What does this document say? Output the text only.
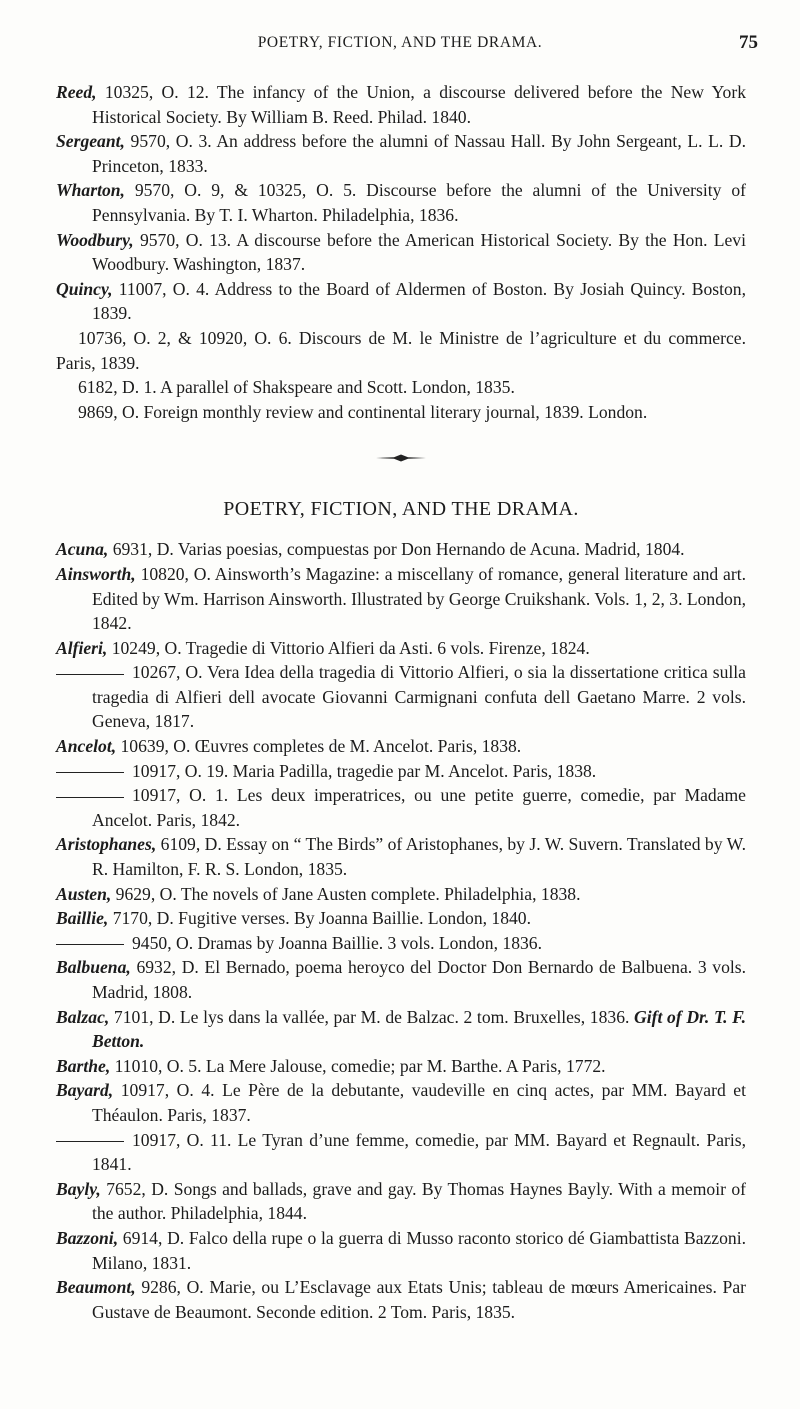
POETRY, FICTION, AND THE DRAMA.	75

Reed, 10325, O. 12. The infancy of the Union, a discourse delivered before the New York Historical Society. By William B. Reed. Philad. 1840.

Sergeant, 9570, O. 3. An address before the alumni of Nassau Hall. By John Sergeant, L. L. D. Princeton, 1833.

Wharton, 9570, O. 9, & 10325, O. 5. Discourse before the alumni of the University of Pennsylvania. By T. I. Wharton. Philadelphia, 1836.

Woodbury, 9570, O. 13. A discourse before the American Historical Society. By the Hon. Levi Woodbury. Washington, 1837.

Quincy, 11007, O. 4. Address to the Board of Aldermen of Boston. By Josiah Quincy. Boston, 1839.

10736, O. 2, & 10920, O. 6. Discours de M. le Ministre de l’agriculture et du commerce. Paris, 1839.

6182, D. 1. A parallel of Shakspeare and Scott. London, 1835.

9869, O. Foreign monthly review and continental literary journal, 1839. London.

POETRY, FICTION, AND THE DRAMA.

Acuna, 6931, D. Varias poesias, compuestas por Don Hernando de Acuna. Madrid, 1804.

Ainsworth, 10820, O. Ainsworth’s Magazine: a miscellany of romance, general literature and art. Edited by Wm. Harrison Ainsworth. Illustrated by George Cruikshank. Vols. 1, 2, 3. London, 1842.

Alfieri, 10249, O. Tragedie di Vittorio Alfieri da Asti. 6 vols. Firenze, 1824.

10267, O. Vera Idea della tragedia di Vittorio Alfieri, o sia la dissertatione critica sulla tragedia di Alfieri dell avocate Giovanni Carmignani confuta dell Gaetano Marre. 2 vols. Geneva, 1817.

Ancelot, 10639, O. Œuvres completes de M. Ancelot. Paris, 1838.

10917, O. 19. Maria Padilla, tragedie par M. Ancelot. Paris, 1838.

10917, O. 1. Les deux imperatrices, ou une petite guerre, comedie, par Madame Ancelot. Paris, 1842.

Aristophanes, 6109, D. Essay on “ The Birds” of Aristophanes, by J. W. Suvern. Translated by W. R. Hamilton, F. R. S. London, 1835.

Austen, 9629, O. The novels of Jane Austen complete. Philadelphia, 1838.

Baillie, 7170, D. Fugitive verses. By Joanna Baillie. London, 1840.

9450, O. Dramas by Joanna Baillie. 3 vols. London, 1836.

Balbuena, 6932, D. El Bernado, poema heroyco del Doctor Don Bernardo de Balbuena. 3 vols. Madrid, 1808.

Balzac, 7101, D. Le lys dans la vallée, par M. de Balzac. 2 tom. Bruxelles, 1836. Gift of Dr. T. F. Betton.

Barthe, 11010, O. 5. La Mere Jalouse, comedie; par M. Barthe. A Paris, 1772.

Bayard, 10917, O. 4. Le Père de la debutante, vaudeville en cinq actes, par MM. Bayard et Théaulon. Paris, 1837.

10917, O. 11. Le Tyran d’une femme, comedie, par MM. Bayard et Regnault. Paris, 1841.

Bayly, 7652, D. Songs and ballads, grave and gay. By Thomas Haynes Bayly. With a memoir of the author. Philadelphia, 1844.

Bazzoni, 6914, D. Falco della rupe o la guerra di Musso raconto storico dé Giambattista Bazzoni. Milano, 1831.

Beaumont, 9286, O. Marie, ou L’Esclavage aux Etats Unis; tableau de mœurs Americaines. Par Gustave de Beaumont. Seconde edition. 2 Tom. Paris, 1835.
